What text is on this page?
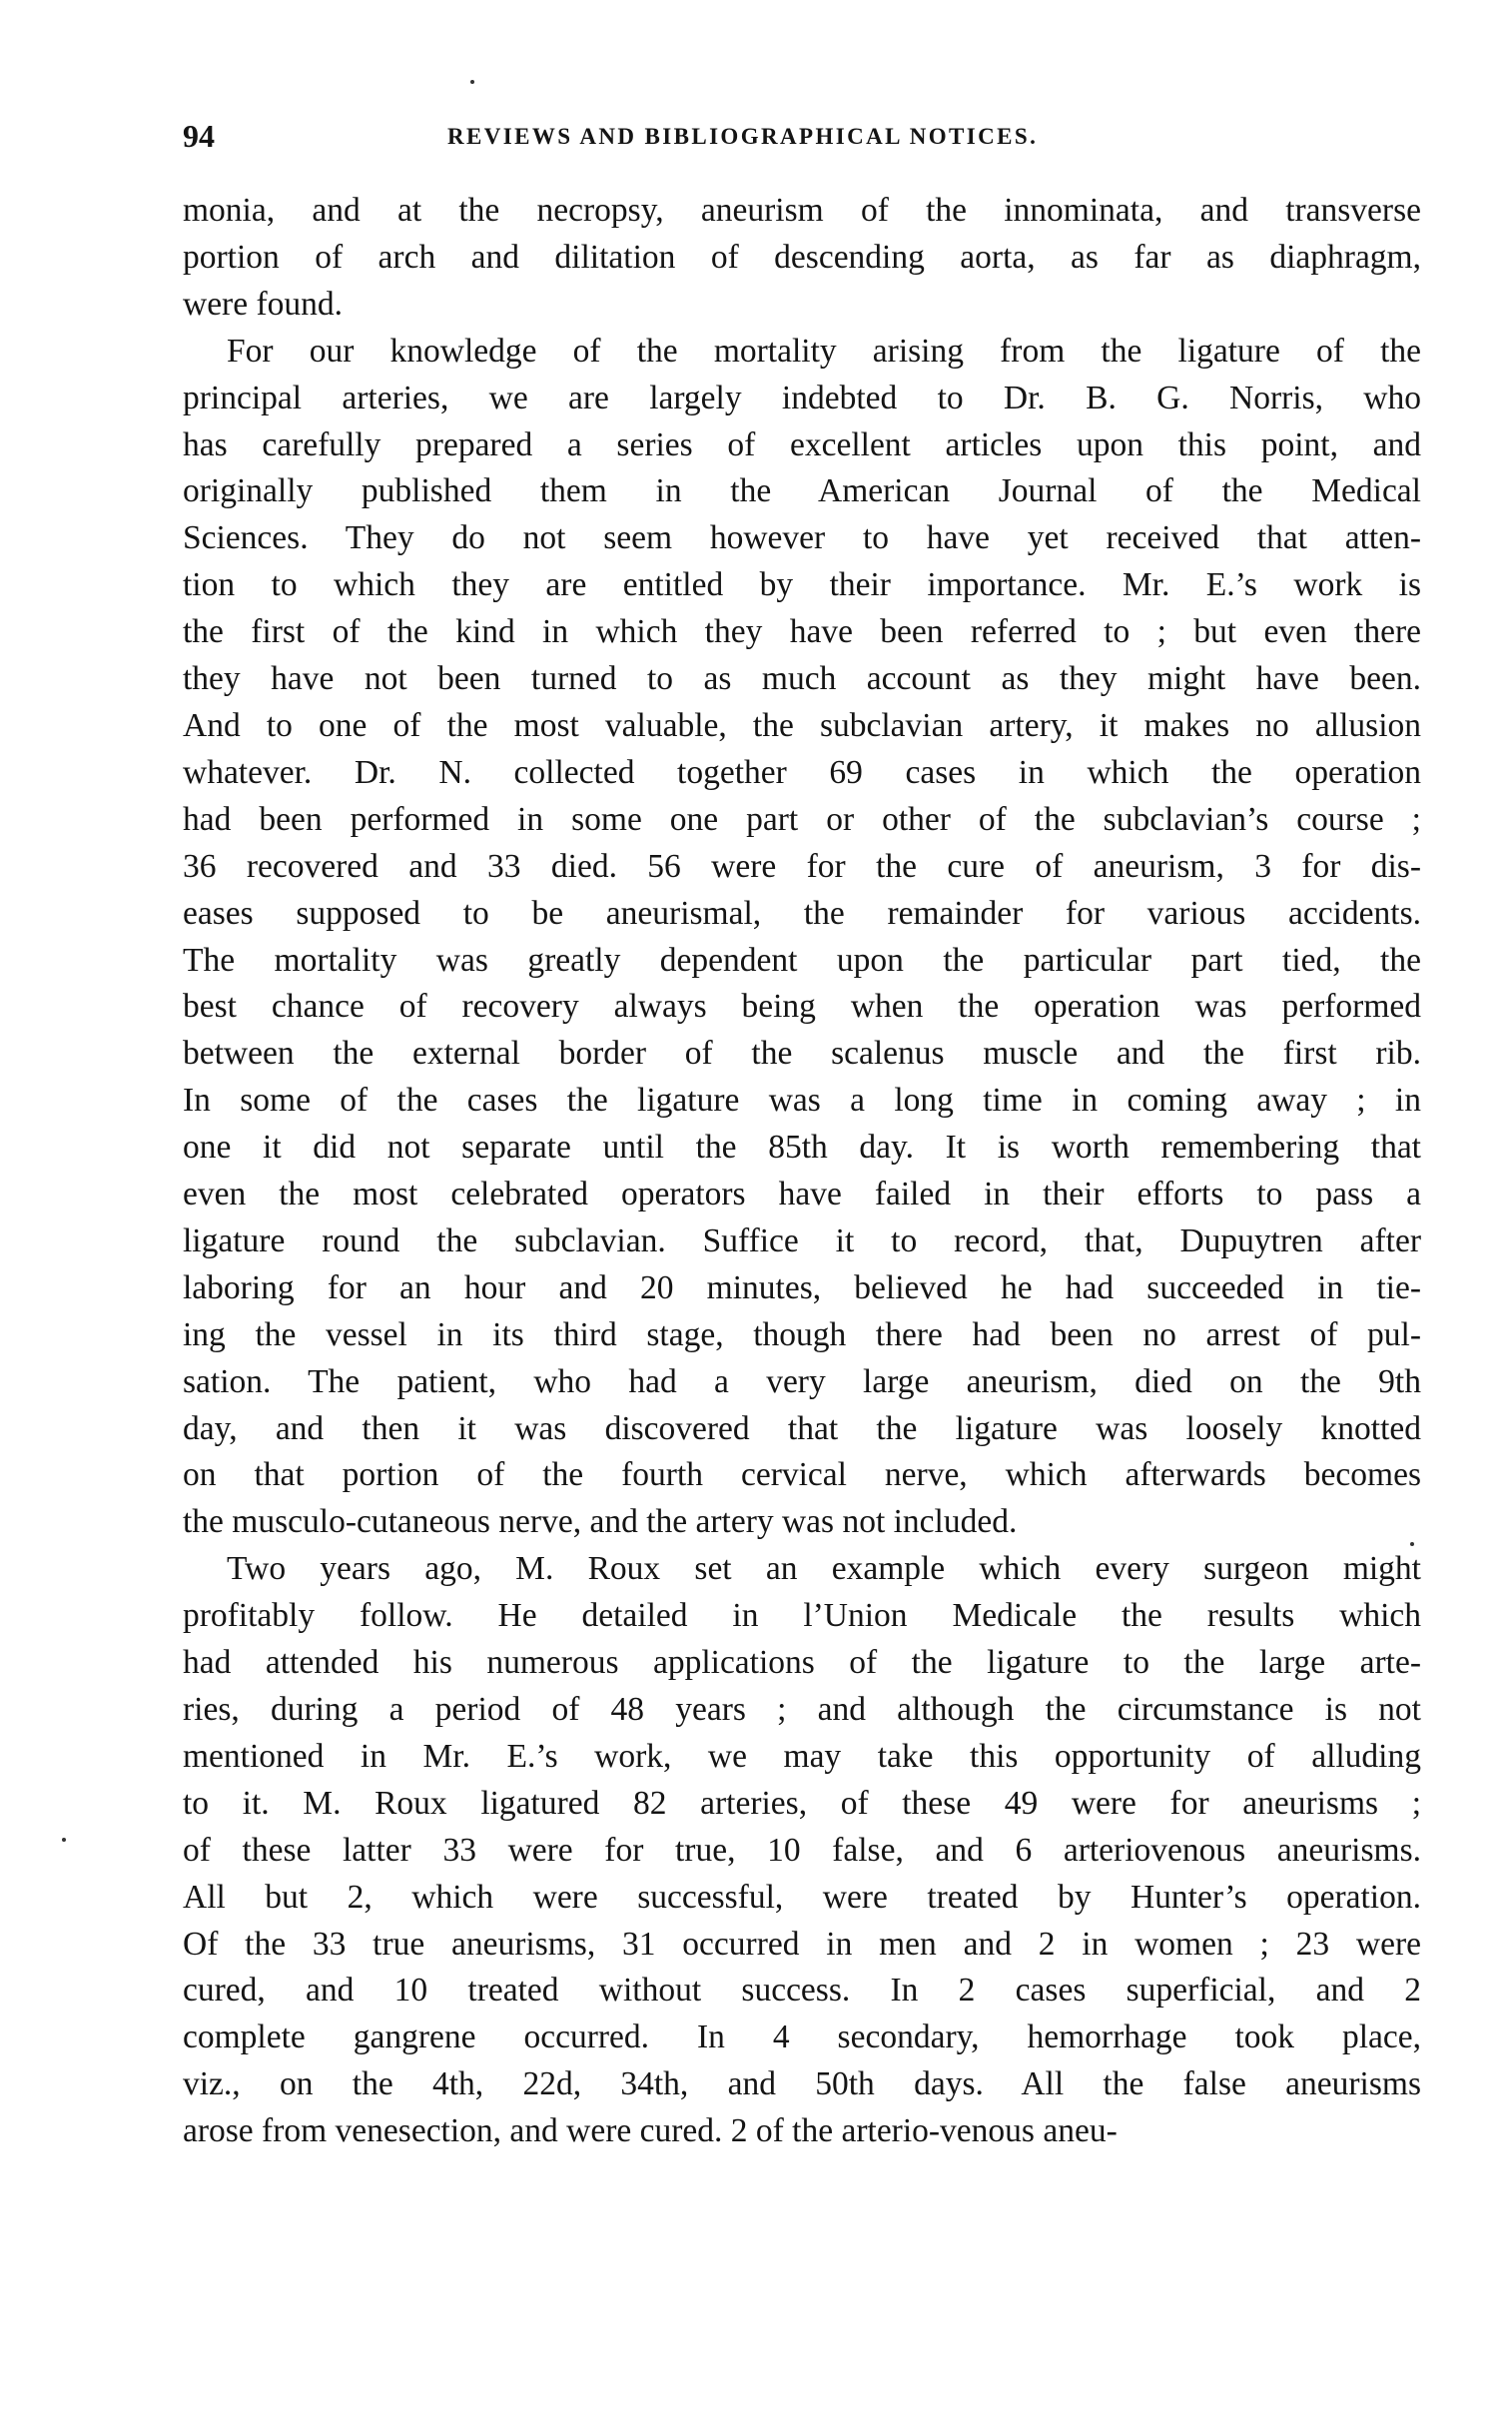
94	REVIEWS AND BIBLIOGRAPHICAL NOTICES.

monia, and at the necropsy, aneurism of the innominata, and transverse
portion of arch and dilitation of descending aorta, as far as diaphragm,
were found.

For our knowledge of the mortality arising from the ligature of the
principal arteries, we are largely indebted to Dr. B. G. Norris, who
has carefully prepared a series of excellent articles upon this point, and
originally published them in the American Journal of the Medical
Sciences. They do not seem however to have yet received that atten-
tion to which they are entitled by their importance. Mr. E.’s work is
the first of the kind in which they have been referred to ; but even there
they have not been turned to as much account as they might have been.
And to one of the most valuable, the subclavian artery, it makes no allusion
whatever. Dr. N. collected together 69 cases in which the operation
had been performed in some one part or other of the subclavian’s course ;
36 recovered and 33 died. 56 were for the cure of aneurism, 3 for dis-
eases supposed to be aneurismal, the remainder for various accidents.
The mortality was greatly dependent upon the particular part tied, the
best chance of recovery always being when the operation was performed
between the external border of the scalenus muscle and the first rib.
In some of the cases the ligature was a long time in coming away ; in
one it did not separate until the 85th day. It is worth remembering that
even the most celebrated operators have failed in their efforts to pass a
ligature round the subclavian. Suffice it to record, that, Dupuytren after
laboring for an hour and 20 minutes, believed he had succeeded in tie-
ing the vessel in its third stage, though there had been no arrest of pul-
sation. The patient, who had a very large aneurism, died on the 9th
day, and then it was discovered that the ligature was loosely knotted
on that portion of the fourth cervical nerve, which afterwards becomes
the musculo-cutaneous nerve, and the artery was not included.

Two years ago, M. Roux set an example which every surgeon might
profitably follow. He detailed in l’Union Medicale the results which
had attended his numerous applications of the ligature to the large arte-
ries, during a period of 48 years ; and although the circumstance is not
mentioned in Mr. E.’s work, we may take this opportunity of alluding
to it. M. Roux ligatured 82 arteries, of these 49 were for aneurisms ;
of these latter 33 were for true, 10 false, and 6 arteriovenous aneurisms.
All but 2, which were successful, were treated by Hunter’s operation.
Of the 33 true aneurisms, 31 occurred in men and 2 in women ; 23 were
cured, and 10 treated without success. In 2 cases superficial, and 2
complete gangrene occurred. In 4 secondary, hemorrhage took place,
viz., on the 4th, 22d, 34th, and 50th days. All the false aneurisms
arose from venesection, and were cured. 2 of the arterio-venous aneu-
